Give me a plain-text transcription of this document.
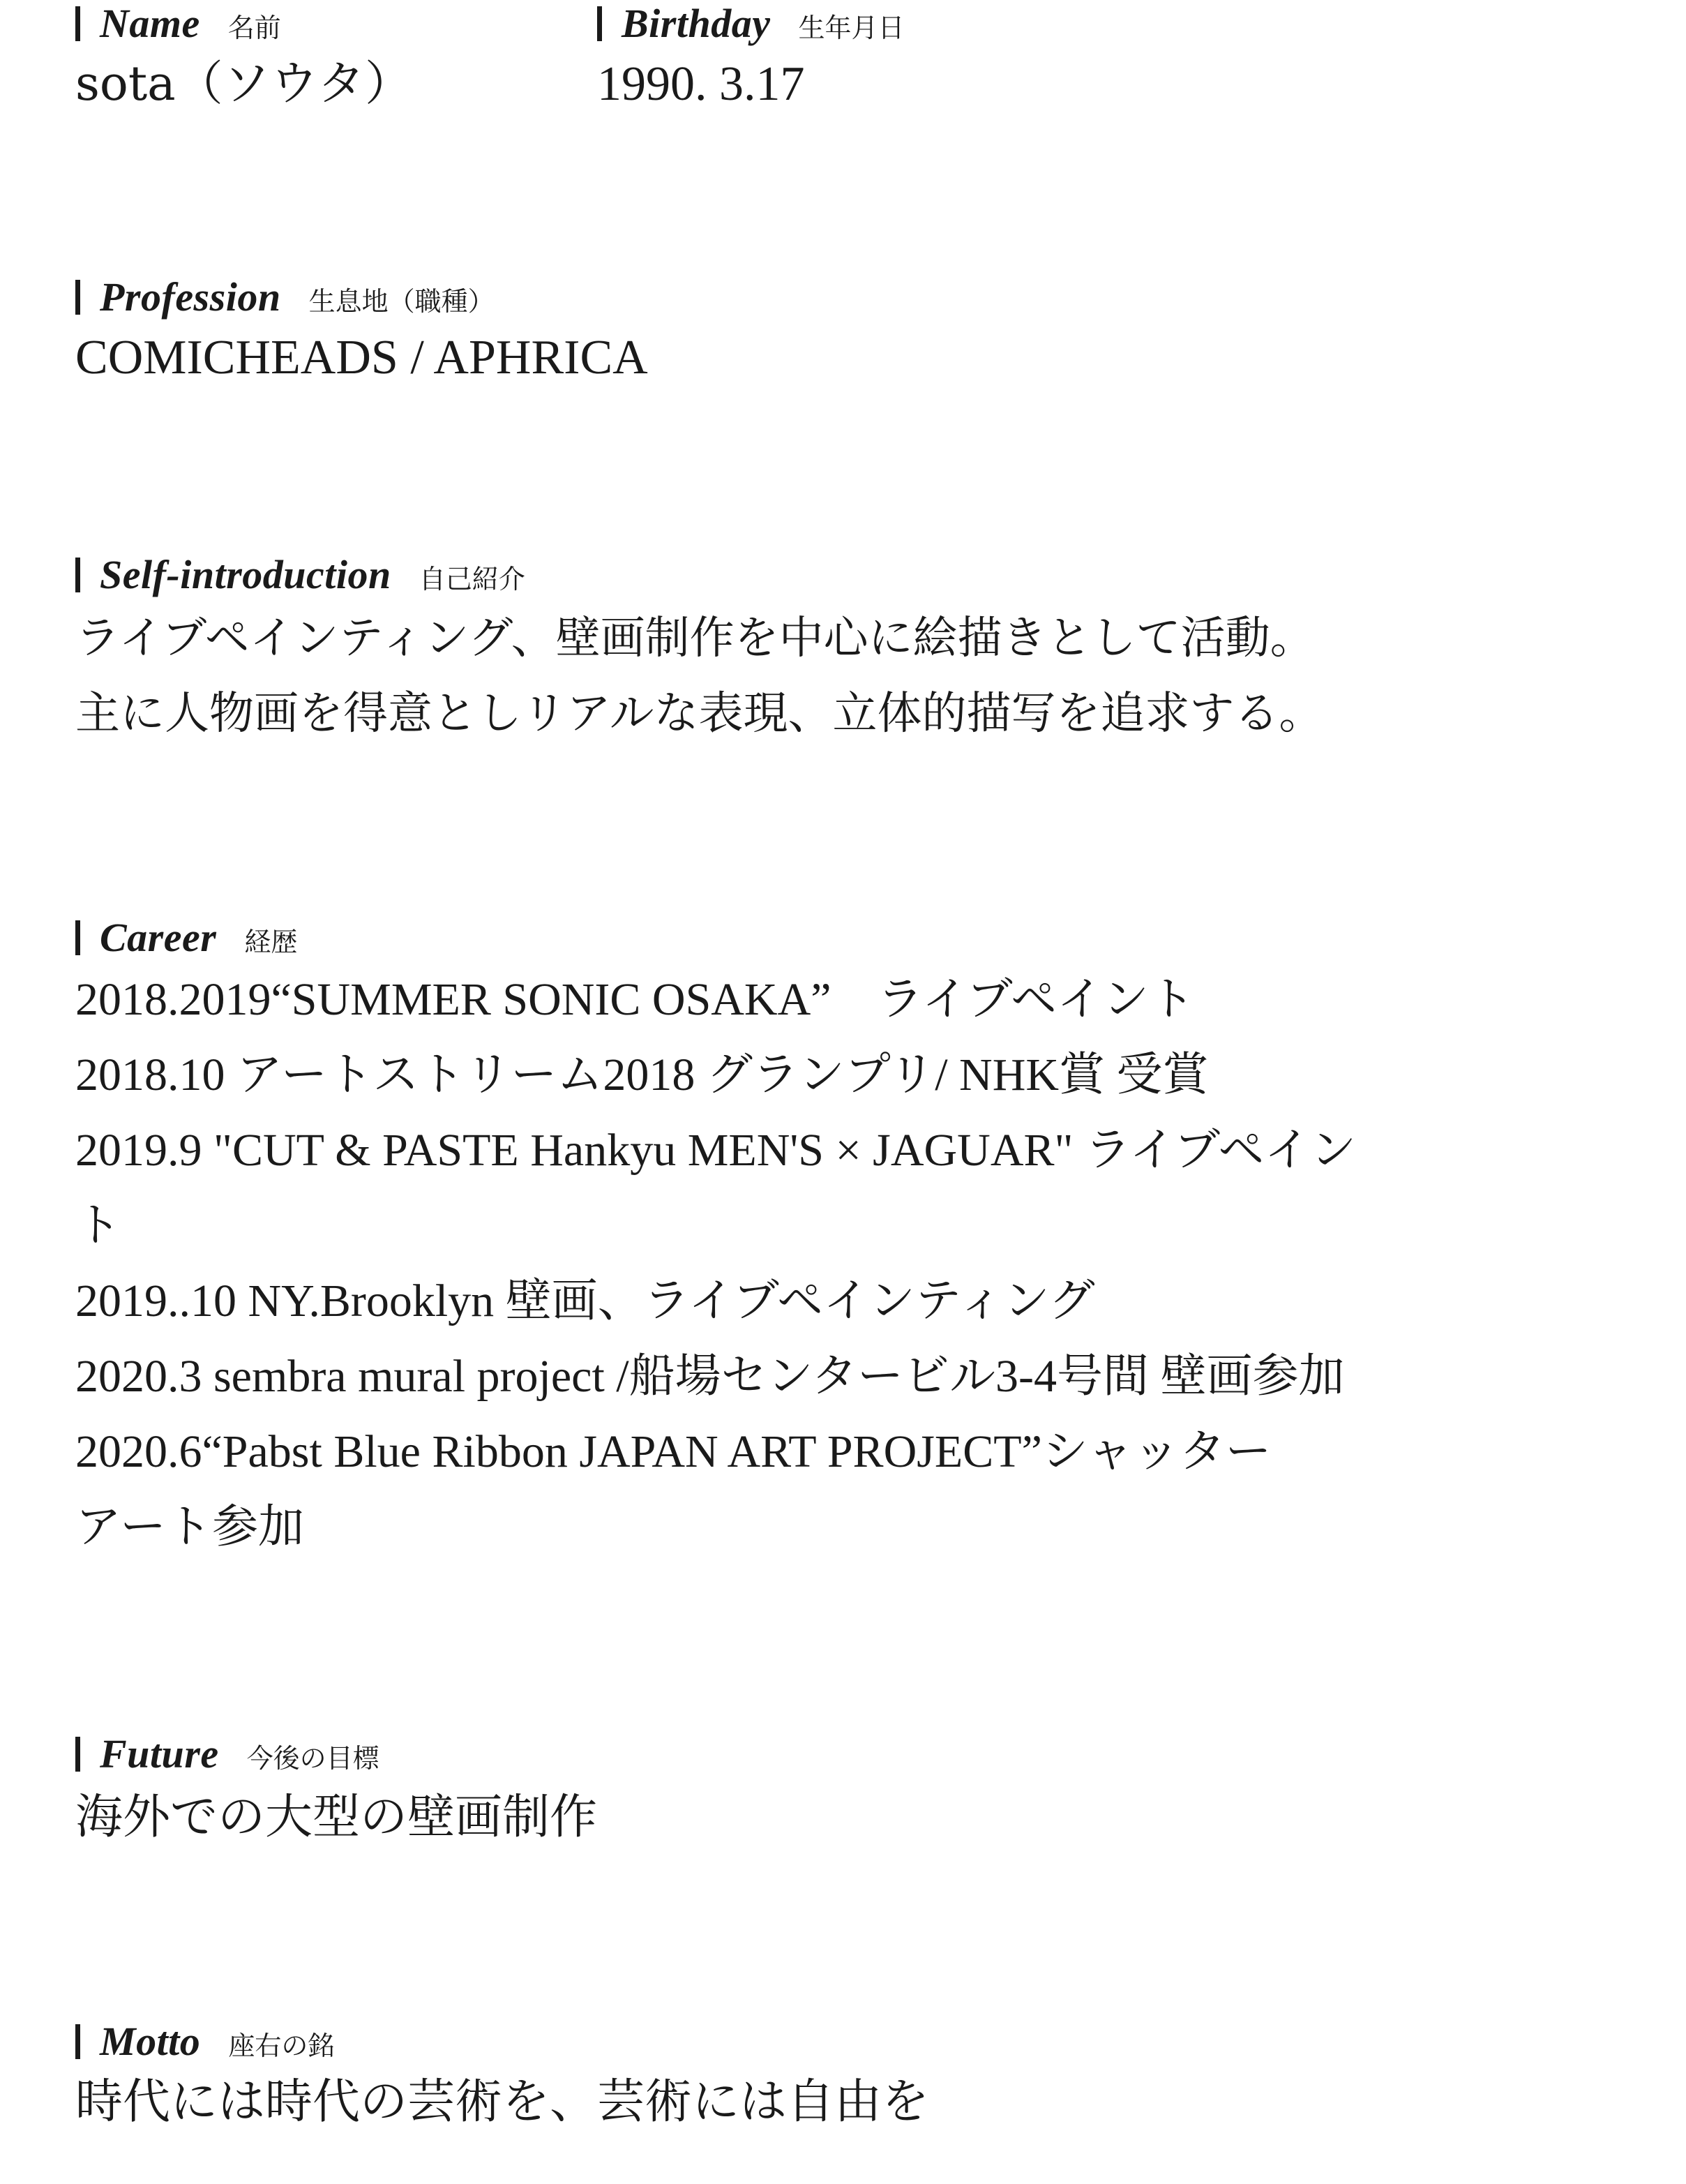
Name 名前
sota（ソウタ）
Birthday 生年月日
1990. 3.17
Profession 生息地（職種）
COMICHEADS / APHRICA
Self-introduction 自己紹介
ライブペインティング、壁画制作を中心に絵描きとして活動。
主に人物画を得意としリアルな表現、立体的描写を追求する。
Career 経歴
2018.2019“SUMMER SONIC OSAKA”　ライブペイント
2018.10 アートストリーム2018 グランプリ/ NHK賞 受賞
2019.9 "CUT & PASTE Hankyu MEN'S × JAGUAR" ライブペイン
ト
2019..10 NY.Brooklyn 壁画、ライブペインティング
2020.3 sembra mural project /船場センタービル3-4号間 壁画参加
2020.6“Pabst Blue Ribbon JAPAN ART PROJECT”シャッター
アート参加
Future 今後の目標
海外での大型の壁画制作
Motto 座右の銘
時代には時代の芸術を、芸術には自由を
